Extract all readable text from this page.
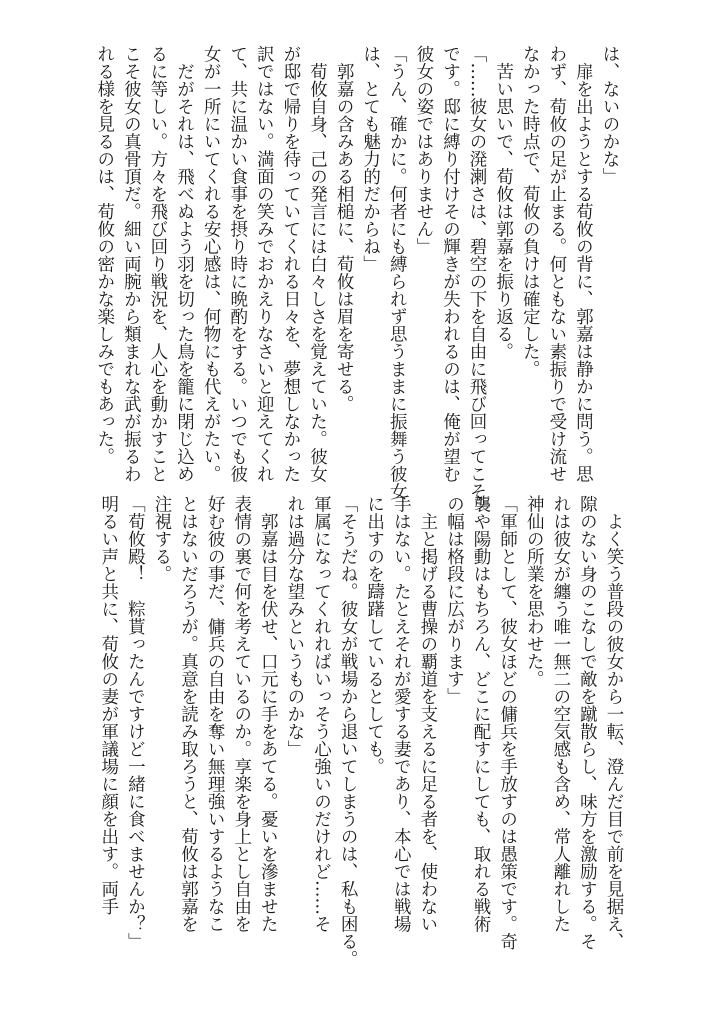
は、ないのかな」
　扉を出ようとする荀攸の背に、郭嘉は静かに問う。思
わず、荀攸の足が止まる。何ともない素振りで受け流せ
なかった時点で、荀攸の負けは確定した。
　苦い思いで、荀攸は郭嘉を振り返る。
「……彼女の溌溂さは、碧空の下を自由に飛び回ってこそ
です。邸に縛り付けその輝きが失われるのは、俺が望む
彼女の姿ではありません」
「うん、確かに。何者にも縛られず思うままに振舞う彼女
は、とても魅力的だからね」
　郭嘉の含みある相槌に、荀攸は眉を寄せる。
　荀攸自身、己の発言には白々しさを覚えていた。彼女
が邸で帰りを待っていてくれる日々を、夢想しなかった
訳ではない。満面の笑みでおかえりなさいと迎えてくれ
て、共に温かい食事を摂り時に晩酌をする。いつでも彼
女が一所にいてくれる安心感は、何物にも代えがたい。
　だがそれは、飛べぬよう羽を切った鳥を籠に閉じ込め
るに等しい。方々を飛び回り戦況を、人心を動かすこと
こそ彼女の真骨頂だ。細い両腕から類まれな武が振るわ
れる様を見るのは、荀攸の密かな楽しみでもあった。
　よく笑う普段の彼女から一転、澄んだ目で前を見据え、
隙のない身のこなしで敵を蹴散らし、味方を激励する。そ
れは彼女が纏う唯一無二の空気感も含め、常人離れした
神仙の所業を思わせた。
「軍師として、彼女ほどの傭兵を手放すのは愚策です。奇
襲や陽動はもちろん、どこに配すにしても、取れる戦術
の幅は格段に広がります」
　主と掲げる曹操の覇道を支えるに足る者を、使わない
手はない。たとえそれが愛する妻であり、本心では戦場
に出すのを躊躇しているとしても。
「そうだね。彼女が戦場から退いてしまうのは、私も困る。
軍属になってくれればいっそう心強いのだけれど……そ
れは過分な望みというものかな」
　郭嘉は目を伏せ、口元に手をあてる。憂いを滲ませた
表情の裏で何を考えているのか。享楽を身上とし自由を
好む彼の事だ、傭兵の自由を奪い無理強いするようなこ
とはないだろうが。真意を読み取ろうと、荀攸は郭嘉を
注視する。
「荀攸殿！　粽貰ったんですけど一緒に食べませんか？」
明るい声と共に、荀攸の妻が軍議場に顔を出す。両手
